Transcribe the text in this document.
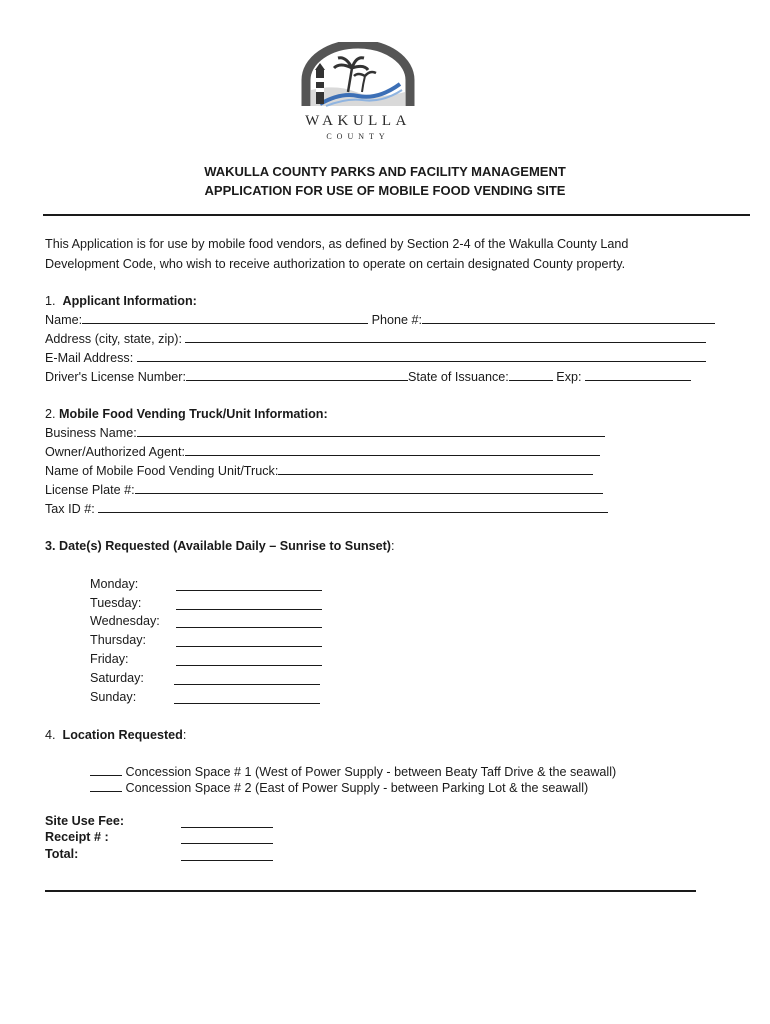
WAKULLA
COUNTY
WAKULLA COUNTY PARKS AND FACILITY MANAGEMENT
APPLICATION FOR USE OF MOBILE FOOD VENDING SITE
This Application is for use by mobile food vendors, as defined by Section 2-4 of the Wakulla County Land
Development Code, who wish to receive authorization to operate on certain designated County property.
1. Applicant Information:
Name:	Phone #:
Address (city, state, zip):
E-Mail Address:
Driver's License Number:	State of Issuance:	Exp:
2. Mobile Food Vending Truck/Unit Information:
Business Name:
Owner/Authorized Agent:
Name of Mobile Food Vending Unit/Truck:
License Plate #:
Tax ID #:
3. Date(s) Requested (Available Daily – Sunrise to Sunset):
Monday:
Tuesday:
Wednesday:
Thursday:
Friday:
Saturday:
Sunday:
4. Location Requested:
Concession Space # 1 (West of Power Supply - between Beaty Taff Drive & the seawall)
Concession Space # 2 (East of Power Supply - between Parking Lot & the seawall)
Site Use Fee:
Receipt # :
Total:
